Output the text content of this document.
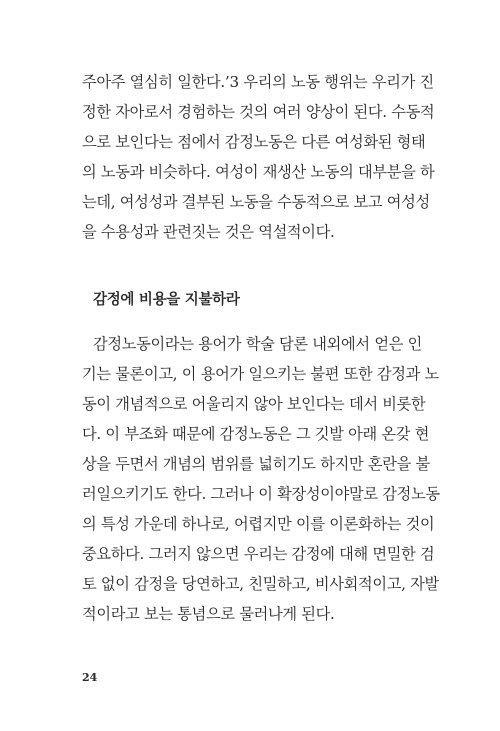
주아주 열심히 일한다.’3 우리의 노동 행위는 우리가 진
정한 자아로서 경험하는 것의 여러 양상이 된다. 수동적
으로 보인다는 점에서 감정노동은 다른 여성화된 형태
의 노동과 비슷하다. 여성이 재생산 노동의 대부분을 하
는데, 여성성과 결부된 노동을 수동적으로 보고 여성성
을 수용성과 관련짓는 것은 역설적이다.
감정에 비용을 지불하라
감정노동이라는 용어가 학술 담론 내외에서 얻은 인
기는 물론이고, 이 용어가 일으키는 불편 또한 감정과 노
동이 개념적으로 어울리지 않아 보인다는 데서 비롯한
다. 이 부조화 때문에 감정노동은 그 깃발 아래 온갖 현
상을 두면서 개념의 범위를 넓히기도 하지만 혼란을 불
러일으키기도 한다. 그러나 이 확장성이야말로 감정노동
의 특성 가운데 하나로, 어렵지만 이를 이론화하는 것이
중요하다. 그러지 않으면 우리는 감정에 대해 면밀한 검
토 없이 감정을 당연하고, 친밀하고, 비사회적이고, 자발
적이라고 보는 통념으로 물러나게 된다.
24
